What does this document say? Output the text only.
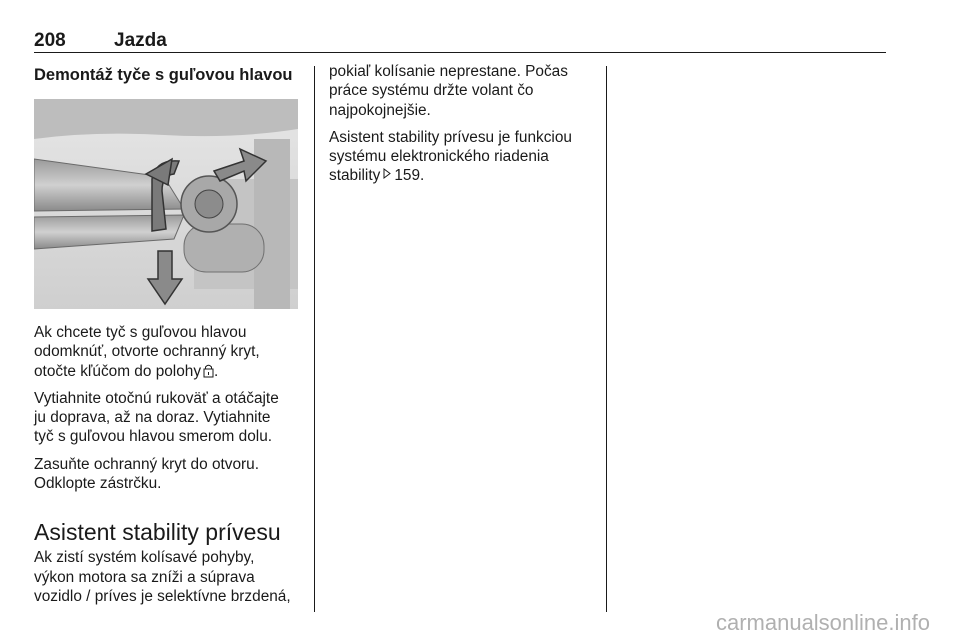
208	Jazda
Demontáž tyče s guľovou hlavou

Ak chcete tyč s guľovou hlavou
odomknúť, otvorte ochranný kryt,
otočte kľúčom do polohy .

Vytiahnite otočnú rukoväť a otáčajte
ju doprava, až na doraz. Vytiahnite
tyč s guľovou hlavou smerom dolu.

Zasuňte ochranný kryt do otvoru.
Odklopte zástrčku.

Asistent stability prívesu

Ak zistí systém kolísavé pohyby,
výkon motora sa zníži a súprava
vozidlo / príves je selektívne brzdená,

pokiaľ kolísanie neprestane. Počas
práce systému držte volant čo
najpokojnejšie.

Asistent stability prívesu je funkciou
systému elektronického riadenia
stability 159.

carmanualsonline.info
